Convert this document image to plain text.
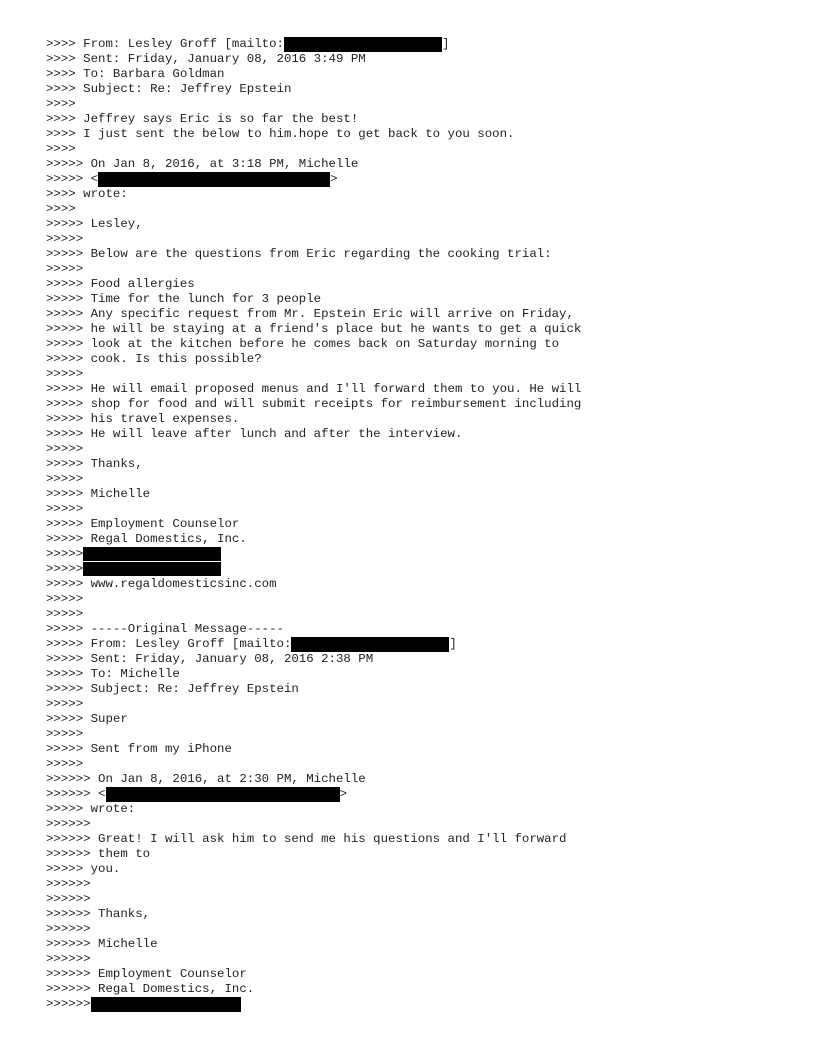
>>>> From: Lesley Groff [mailto:	]
>>>> Sent: Friday, January 08, 2016 3:49 PM
>>>> To: Barbara Goldman
>>>> Subject: Re: Jeffrey Epstein
>>>>
>>>> Jeffrey says Eric is so far the best!
>>>> I just sent the below to him.hope to get back to you soon.
>>>>
>>>>> On Jan 8, 2016, at 3:18 PM, Michelle
>>>>> <	>
>>>> wrote:
>>>>
>>>>> Lesley,
>>>>>
>>>>> Below are the questions from Eric regarding the cooking trial:
>>>>>
>>>>> Food allergies
>>>>> Time for the lunch for 3 people
>>>>> Any specific request from Mr. Epstein Eric will arrive on Friday,
>>>>> he will be staying at a friend's place but he wants to get a quick
>>>>> look at the kitchen before he comes back on Saturday morning to
>>>>> cook. Is this possible?
>>>>>
>>>>> He will email proposed menus and I'll forward them to you. He will
>>>>> shop for food and will submit receipts for reimbursement including
>>>>> his travel expenses.
>>>>> He will leave after lunch and after the interview.
>>>>>
>>>>> Thanks,
>>>>>
>>>>> Michelle
>>>>>
>>>>> Employment Counselor
>>>>> Regal Domestics, Inc.
>>>>>
>>>>>
>>>>> www.regaldomesticsinc.com
>>>>>
>>>>>
>>>>> -----Original Message-----
>>>>> From: Lesley Groff [mailto:	]
>>>>> Sent: Friday, January 08, 2016 2:38 PM
>>>>> To: Michelle
>>>>> Subject: Re: Jeffrey Epstein
>>>>>
>>>>> Super
>>>>>
>>>>> Sent from my iPhone
>>>>>
>>>>>> On Jan 8, 2016, at 2:30 PM, Michelle
>>>>>> <	>
>>>>> wrote:
>>>>>>
>>>>>> Great! I will ask him to send me his questions and I'll forward
>>>>>> them to
>>>>> you.
>>>>>>
>>>>>>
>>>>>> Thanks,
>>>>>>
>>>>>> Michelle
>>>>>>
>>>>>> Employment Counselor
>>>>>> Regal Domestics, Inc.
>>>>>>
